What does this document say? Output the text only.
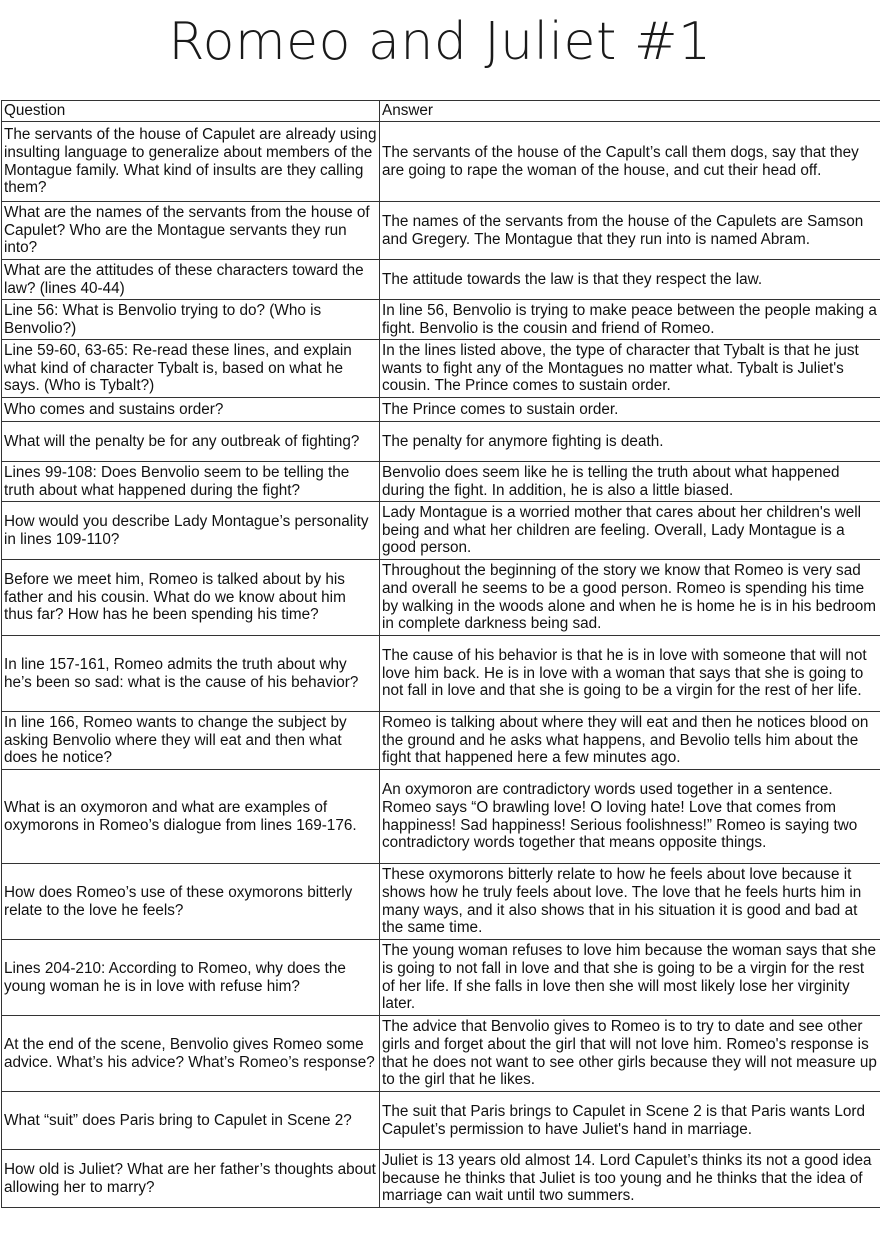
Romeo and Juliet #1
Question	Answer
The servants of the house of Capulet are already using insulting language to generalize about members of the Montague family. What kind of insults are they calling them?	The servants of the house of the Capult’s call them dogs, say that they are going to rape the woman of the house, and cut their head off.
What are the names of the servants from the house of Capulet? Who are the Montague servants they run into?	The names of the servants from the house of the Capulets are Samson and Gregery. The Montague that they run into is named Abram.
What are the attitudes of these characters toward the law? (lines 40-44)	The attitude towards the law is that they respect the law.
Line 56: What is Benvolio trying to do? (Who is Benvolio?)	In line 56, Benvolio is trying to make peace between the people making a fight. Benvolio is the cousin and friend of Romeo.
Line 59-60, 63-65: Re-read these lines, and explain what kind of character Tybalt is, based on what he says. (Who is Tybalt?)	In the lines listed above, the type of character that Tybalt is that he just wants to fight any of the Montagues no matter what. Tybalt is Juliet's cousin. The Prince comes to sustain order.
Who comes and sustains order?	The Prince comes to sustain order.
What will the penalty be for any outbreak of fighting?	The penalty for anymore fighting is death.
Lines 99-108: Does Benvolio seem to be telling the truth about what happened during the fight?	Benvolio does seem like he is telling the truth about what happened during the fight. In addition, he is also a little biased.
How would you describe Lady Montague’s personality in lines 109-110?	Lady Montague is a worried mother that cares about her children's well being and what her children are feeling. Overall, Lady Montague is a good person.
Before we meet him, Romeo is talked about by his father and his cousin. What do we know about him thus far? How has he been spending his time?	Throughout the beginning of the story we know that Romeo is very sad and overall he seems to be a good person. Romeo is spending his time by walking in the woods alone and when he is home he is in his bedroom in complete darkness being sad.
In line 157-161, Romeo admits the truth about why he’s been so sad: what is the cause of his behavior?	The cause of his behavior is that he is in love with someone that will not love him back. He is in love with a woman that says that she is going to not fall in love and that she is going to be a virgin for the rest of her life.
In line 166, Romeo wants to change the subject by asking Benvolio where they will eat and then what does he notice?	Romeo is talking about where they will eat and then he notices blood on the ground and he asks what happens, and Bevolio tells him about the fight that happened here a few minutes ago.
What is an oxymoron and what are examples of oxymorons in Romeo’s dialogue from lines 169-176.	An oxymoron are contradictory words used together in a sentence. Romeo says “O brawling love! O loving hate! Love that comes from happiness! Sad happiness! Serious foolishness!” Romeo is saying two contradictory words together that means opposite things.
How does Romeo’s use of these oxymorons bitterly relate to the love he feels?	These oxymorons bitterly relate to how he feels about love because it shows how he truly feels about love. The love that he feels hurts him in many ways, and it also shows that in his situation it is good and bad at the same time.
Lines 204-210: According to Romeo, why does the young woman he is in love with refuse him?	The young woman refuses to love him because the woman says that she is going to not fall in love and that she is going to be a virgin for the rest of her life. If she falls in love then she will most likely lose her virginity later.
At the end of the scene, Benvolio gives Romeo some advice. What’s his advice? What’s Romeo’s response?	The advice that Benvolio gives to Romeo is to try to date and see other girls and forget about the girl that will not love him. Romeo's response is that he does not want to see other girls because they will not measure up to the girl that he likes.
What “suit” does Paris bring to Capulet in Scene 2?	The suit that Paris brings to Capulet in Scene 2 is that Paris wants Lord Capulet’s permission to have Juliet's hand in marriage.
How old is Juliet? What are her father’s thoughts about allowing her to marry?	Juliet is 13 years old almost 14. Lord Capulet’s thinks its not a good idea because he thinks that Juliet is too young and he thinks that the idea of marriage can wait until two summers.
